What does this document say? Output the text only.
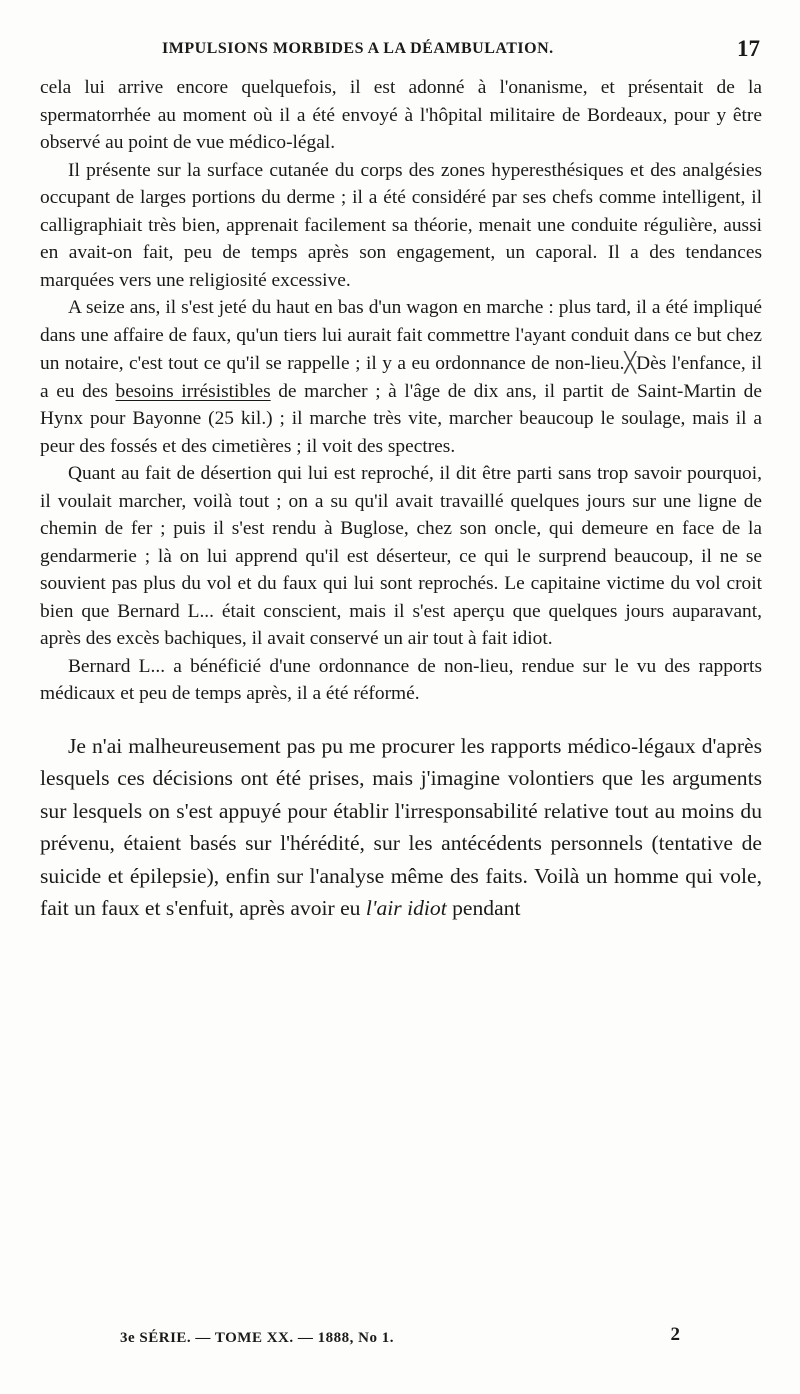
IMPULSIONS MORBIDES A LA DÉAMBULATION.	17

cela lui arrive encore quelquefois, il est adonné à l'onanisme, et présentait de la spermatorrhée au moment où il a été envoyé à l'hôpital militaire de Bordeaux, pour y être observé au point de vue médico-légal.

Il présente sur la surface cutanée du corps des zones hyperesthésiques et des analgésies occupant de larges portions du derme ; il a été considéré par ses chefs comme intelligent, il calligraphiait très bien, apprenait facilement sa théorie, menait une conduite régulière, aussi en avait-on fait, peu de temps après son engagement, un caporal. Il a des tendances marquées vers une religiosité excessive.

A seize ans, il s'est jeté du haut en bas d'un wagon en marche : plus tard, il a été impliqué dans une affaire de faux, qu'un tiers lui aurait fait commettre l'ayant conduit dans ce but chez un notaire, c'est tout ce qu'il se rappelle ; il y a eu ordonnance de non-lieu.╳Dès l'enfance, il a eu des besoins irrésistibles de marcher ; à l'âge de dix ans, il partit de Saint-Martin de Hynx pour Bayonne (25 kil.) ; il marche très vite, marcher beaucoup le soulage, mais il a peur des fossés et des cimetières ; il voit des spectres.

Quant au fait de désertion qui lui est reproché, il dit être parti sans trop savoir pourquoi, il voulait marcher, voilà tout ; on a su qu'il avait travaillé quelques jours sur une ligne de chemin de fer ; puis il s'est rendu à Buglose, chez son oncle, qui demeure en face de la gendarmerie ; là on lui apprend qu'il est déserteur, ce qui le surprend beaucoup, il ne se souvient pas plus du vol et du faux qui lui sont reprochés. Le capitaine victime du vol croit bien que Bernard L... était conscient, mais il s'est aperçu que quelques jours auparavant, après des excès bachiques, il avait conservé un air tout à fait idiot.

Bernard L... a bénéficié d'une ordonnance de non-lieu, rendue sur le vu des rapports médicaux et peu de temps après, il a été réformé.

Je n'ai malheureusement pas pu me procurer les rapports médico-légaux d'après lesquels ces décisions ont été prises, mais j'imagine volontiers que les arguments sur lesquels on s'est appuyé pour établir l'irresponsabilité relative tout au moins du prévenu, étaient basés sur l'hérédité, sur les antécédents personnels (tentative de suicide et épilepsie), enfin sur l'analyse même des faits. Voilà un homme qui vole, fait un faux et s'enfuit, après avoir eu l'air idiot pendant

3e SÉRIE. — TOME XX. — 1888, No 1.	2
